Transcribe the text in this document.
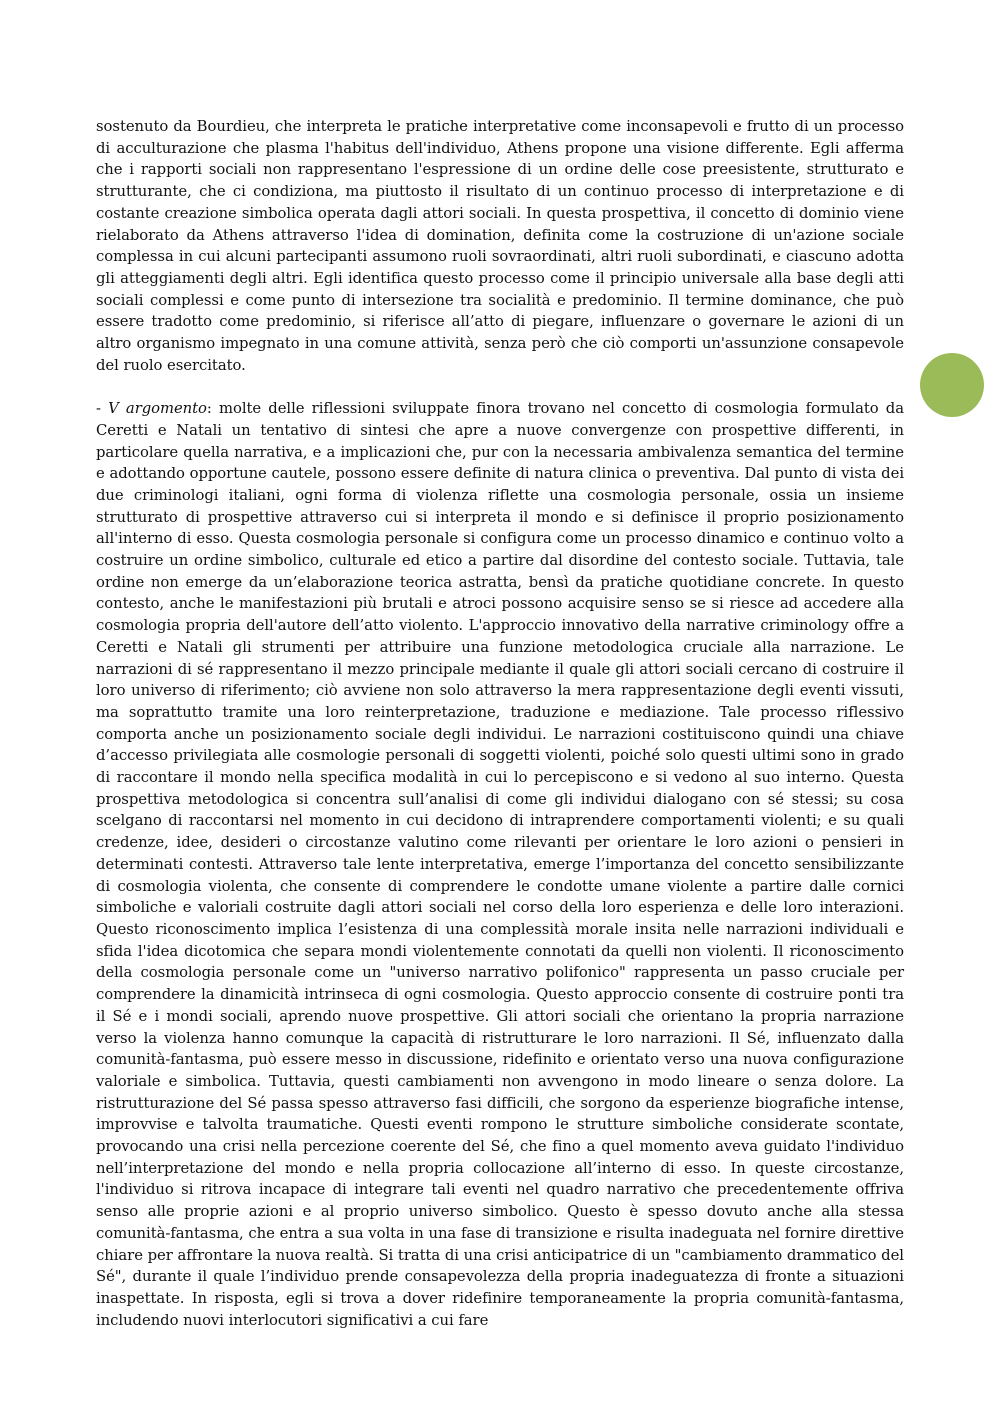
sostenuto da Bourdieu, che interpreta le pratiche interpretative come inconsapevoli e frutto di un processo di acculturazione che plasma l'habitus dell'individuo, Athens propone una visione differente. Egli afferma che i rapporti sociali non rappresentano l'espressione di un ordine delle cose preesistente, strutturato e strutturante, che ci condiziona, ma piuttosto il risultato di un continuo processo di interpretazione e di costante creazione simbolica operata dagli attori sociali. In questa prospettiva, il concetto di dominio viene rielaborato da Athens attraverso l'idea di domination, definita come la costruzione di un'azione sociale complessa in cui alcuni partecipanti assumono ruoli sovraordinati, altri ruoli subordinati, e ciascuno adotta gli atteggiamenti degli altri. Egli identifica questo processo come il principio universale alla base degli atti sociali complessi e come punto di intersezione tra socialità e predominio. Il termine dominance, che può essere tradotto come predominio, si riferisce all’atto di piegare, influenzare o governare le azioni di un altro organismo impegnato in una comune attività, senza però che ciò comporti un'assunzione consapevole del ruolo esercitato.

- V argomento: molte delle riflessioni sviluppate finora trovano nel concetto di cosmologia formulato da Ceretti e Natali un tentativo di sintesi che apre a nuove convergenze con prospettive differenti, in particolare quella narrativa, e a implicazioni che, pur con la necessaria ambivalenza semantica del termine e adottando opportune cautele, possono essere definite di natura clinica o preventiva. Dal punto di vista dei due criminologi italiani, ogni forma di violenza riflette una cosmologia personale, ossia un insieme strutturato di prospettive attraverso cui si interpreta il mondo e si definisce il proprio posizionamento all'interno di esso. Questa cosmologia personale si configura come un processo dinamico e continuo volto a costruire un ordine simbolico, culturale ed etico a partire dal disordine del contesto sociale. Tuttavia, tale ordine non emerge da un’elaborazione teorica astratta, bensì da pratiche quotidiane concrete. In questo contesto, anche le manifestazioni più brutali e atroci possono acquisire senso se si riesce ad accedere alla cosmologia propria dell'autore dell’atto violento. L'approccio innovativo della narrative criminology offre a Ceretti e Natali gli strumenti per attribuire una funzione metodologica cruciale alla narrazione. Le narrazioni di sé rappresentano il mezzo principale mediante il quale gli attori sociali cercano di costruire il loro universo di riferimento; ciò avviene non solo attraverso la mera rappresentazione degli eventi vissuti, ma soprattutto tramite una loro reinterpretazione, traduzione e mediazione. Tale processo riflessivo comporta anche un posizionamento sociale degli individui. Le narrazioni costituiscono quindi una chiave d’accesso privilegiata alle cosmologie personali di soggetti violenti, poiché solo questi ultimi sono in grado di raccontare il mondo nella specifica modalità in cui lo percepiscono e si vedono al suo interno. Questa prospettiva metodologica si concentra sull’analisi di come gli individui dialogano con sé stessi; su cosa scelgano di raccontarsi nel momento in cui decidono di intraprendere comportamenti violenti; e su quali credenze, idee, desideri o circostanze valutino come rilevanti per orientare le loro azioni o pensieri in determinati contesti. Attraverso tale lente interpretativa, emerge l’importanza del concetto sensibilizzante di cosmologia violenta, che consente di comprendere le condotte umane violente a partire dalle cornici simboliche e valoriali costruite dagli attori sociali nel corso della loro esperienza e delle loro interazioni. Questo riconoscimento implica l’esistenza di una complessità morale insita nelle narrazioni individuali e sfida l'idea dicotomica che separa mondi violentemente connotati da quelli non violenti. Il riconoscimento della cosmologia personale come un "universo narrativo polifonico" rappresenta un passo cruciale per comprendere la dinamicità intrinseca di ogni cosmologia. Questo approccio consente di costruire ponti tra il Sé e i mondi sociali, aprendo nuove prospettive. Gli attori sociali che orientano la propria narrazione verso la violenza hanno comunque la capacità di ristrutturare le loro narrazioni. Il Sé, influenzato dalla comunità-fantasma, può essere messo in discussione, ridefinito e orientato verso una nuova configurazione valoriale e simbolica. Tuttavia, questi cambiamenti non avvengono in modo lineare o senza dolore. La ristrutturazione del Sé passa spesso attraverso fasi difficili, che sorgono da esperienze biografiche intense, improvvise e talvolta traumatiche. Questi eventi rompono le strutture simboliche considerate scontate, provocando una crisi nella percezione coerente del Sé, che fino a quel momento aveva guidato l'individuo nell’interpretazione del mondo e nella propria collocazione all’interno di esso. In queste circostanze, l'individuo si ritrova incapace di integrare tali eventi nel quadro narrativo che precedentemente offriva senso alle proprie azioni e al proprio universo simbolico. Questo è spesso dovuto anche alla stessa comunità-fantasma, che entra a sua volta in una fase di transizione e risulta inadeguata nel fornire direttive chiare per affrontare la nuova realtà. Si tratta di una crisi anticipatrice di un "cambiamento drammatico del Sé", durante il quale l’individuo prende consapevolezza della propria inadeguatezza di fronte a situazioni inaspettate. In risposta, egli si trova a dover ridefinire temporaneamente la propria comunità-fantasma, includendo nuovi interlocutori significativi a cui fare
